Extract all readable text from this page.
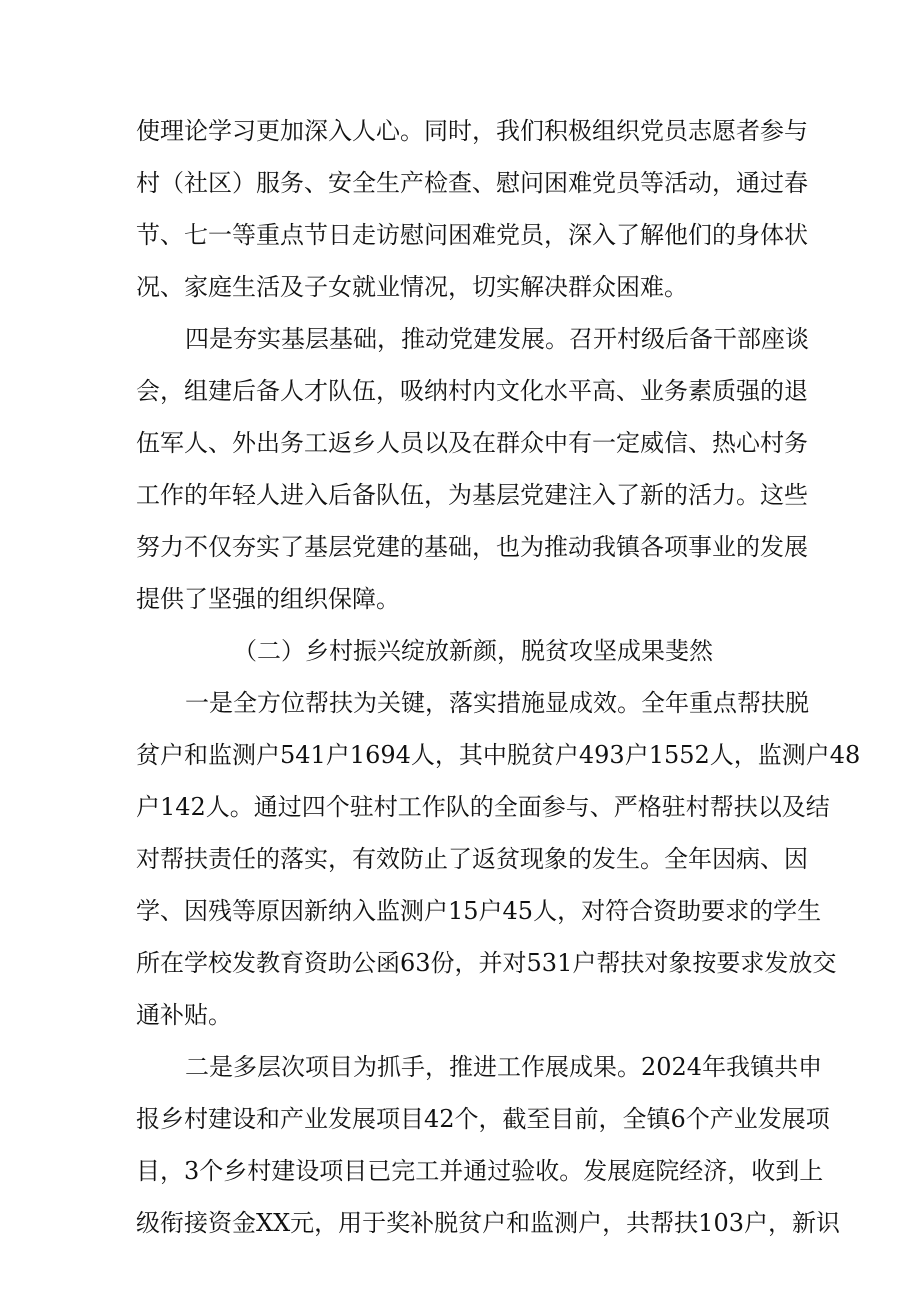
使理论学习更加深入人心。同时，我们积极组织党员志愿者参与
村（社区）服务、安全生产检查、慰问困难党员等活动，通过春
节、七一等重点节日走访慰问困难党员，深入了解他们的身体状
况、家庭生活及子女就业情况，切实解决群众困难。
四是夯实基层基础，推动党建发展。召开村级后备干部座谈
会，组建后备人才队伍，吸纳村内文化水平高、业务素质强的退
伍军人、外出务工返乡人员以及在群众中有一定威信、热心村务
工作的年轻人进入后备队伍，为基层党建注入了新的活力。这些
努力不仅夯实了基层党建的基础，也为推动我镇各项事业的发展
提供了坚强的组织保障。
（二）乡村振兴绽放新颜，脱贫攻坚成果斐然
一是全方位帮扶为关键，落实措施显成效。全年重点帮扶脱
贫户和监测户541户1694人，其中脱贫户493户1552人，监测户48
户142人。通过四个驻村工作队的全面参与、严格驻村帮扶以及结
对帮扶责任的落实，有效防止了返贫现象的发生。全年因病、因
学、因残等原因新纳入监测户15户45人，对符合资助要求的学生
所在学校发教育资助公函63份，并对531户帮扶对象按要求发放交
通补贴。
二是多层次项目为抓手，推进工作展成果。2024年我镇共申
报乡村建设和产业发展项目42个，截至目前，全镇6个产业发展项
目，3个乡村建设项目已完工并通过验收。发展庭院经济，收到上
级衔接资金XX元，用于奖补脱贫户和监测户，共帮扶103户，新识
